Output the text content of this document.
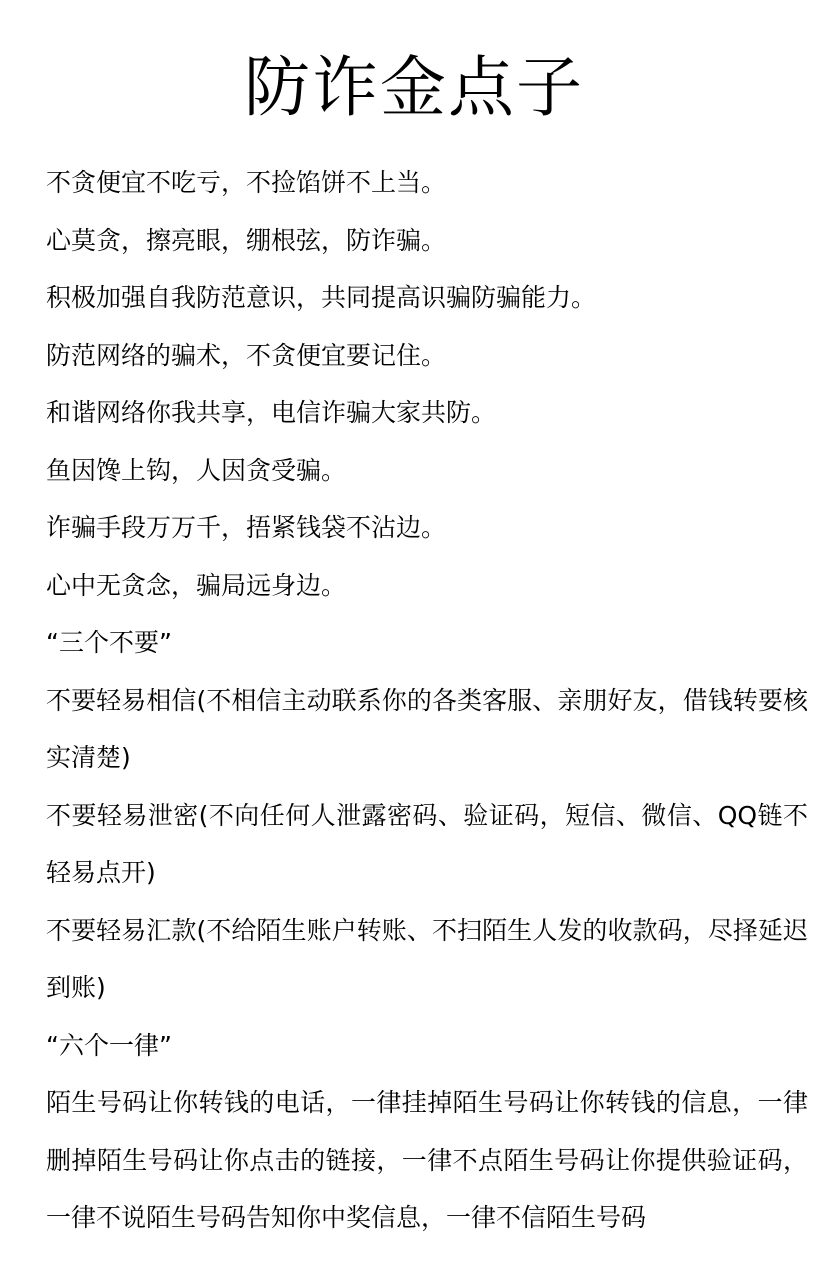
防诈金点子

不贪便宜不吃亏，不捡馅饼不上当。

心莫贪，擦亮眼，绷根弦，防诈骗。

积极加强自我防范意识，共同提高识骗防骗能力。

防范网络的骗术，不贪便宜要记住。

和谐网络你我共享，电信诈骗大家共防。

鱼因馋上钩，人因贪受骗。

诈骗手段万万千，捂紧钱袋不沾边。

心中无贪念，骗局远身边。

“三个不要”

不要轻易相信(不相信主动联系你的各类客服、亲朋好友，借钱转要核实清楚)

不要轻易泄密(不向任何人泄露密码、验证码，短信、微信、QQ链不轻易点开)

不要轻易汇款(不给陌生账户转账、不扫陌生人发的收款码，尽择延迟到账)

“六个一律”

陌生号码让你转钱的电话，一律挂掉陌生号码让你转钱的信息，一律删掉陌生号码让你点击的链接，一律不点陌生号码让你提供验证码，一律不说陌生号码告知你中奖信息，一律不信陌生号码
